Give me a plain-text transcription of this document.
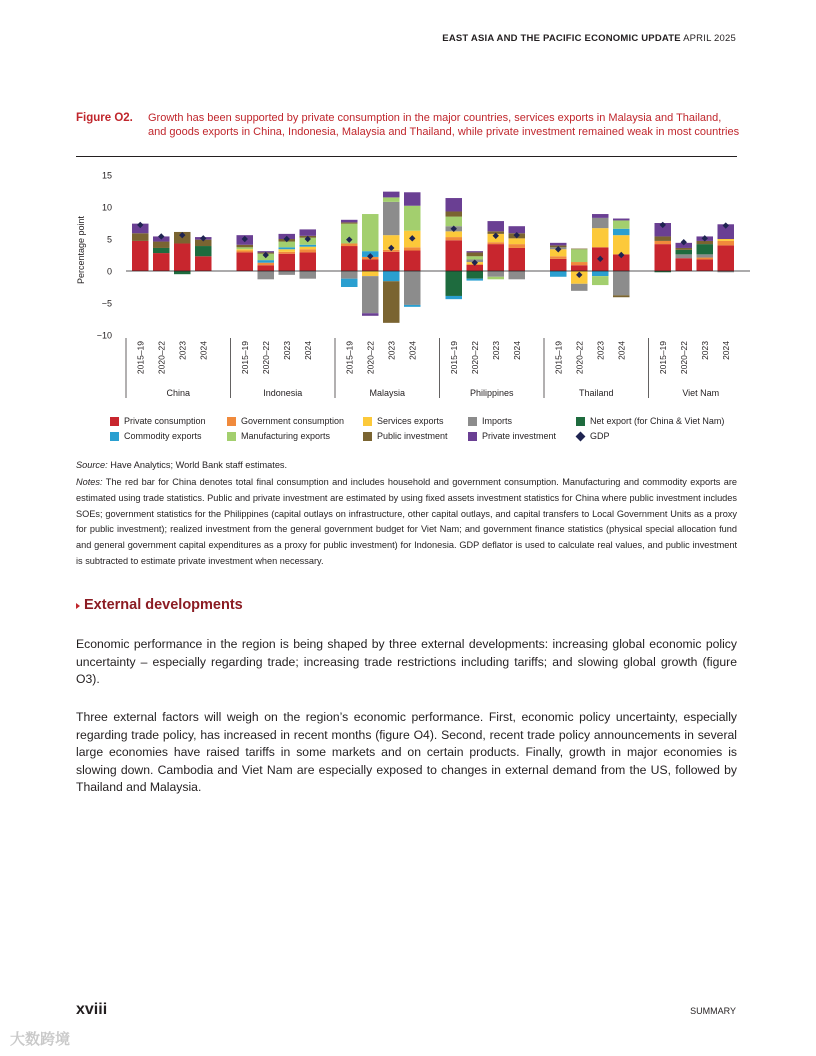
EAST ASIA AND THE PACIFIC ECONOMIC UPDATE APRIL 2025
Figure O2. Growth has been supported by private consumption in the major countries, services exports in Malaysia and Thailand, and goods exports in China, Indonesia, Malaysia and Thailand, while private investment remained weak in most countries
15
10
5
0
−5
−10
Percentage point
2015–19 2020–22 2023 2024
China
2015–19 2020–22 2023 2024
Indonesia
2015–19 2020–22 2023 2024
Malaysia
2015–19 2020–22 2023 2024
Philippines
2015–19 2020–22 2023 2024
Thailand
2015–19 2020–22 2023 2024
Viet Nam
Private consumption	Government consumption	Services exports	Imports	Net export (for China & Viet Nam)
Commodity exports	Manufacturing exports	Public investment	Private investment	GDP
Source: Have Analytics; World Bank staff estimates.
Notes: The red bar for China denotes total final consumption and includes household and government consumption. Manufacturing and commodity exports are estimated using trade statistics. Public and private investment are estimated by using fixed assets investment statistics for China where public investment includes SOEs; government statistics for the Philippines (capital outlays on infrastructure, other capital outlays, and capital transfers to Local Government Units as a proxy for public investment); realized investment from the general government budget for Viet Nam; and government finance statistics (physical special allocation fund and general government capital expenditures as a proxy for public investment) for Indonesia. GDP deflator is used to calculate real values, and public investment is subtracted to estimate private investment when necessary.
External developments
Economic performance in the region is being shaped by three external developments: increasing global economic policy uncertainty – especially regarding trade; increasing trade restrictions including tariffs; and slowing global growth (figure O3).
Three external factors will weigh on the region’s economic performance. First, economic policy uncertainty, especially regarding trade policy, has increased in recent months (figure O4). Second, recent trade policy announcements in several large economies have raised tariffs in some markets and on certain products. Finally, growth in major economies is slowing down. Cambodia and Viet Nam are especially exposed to changes in external demand from the US, followed by Thailand and Malaysia.
xviii	SUMMARY
大数跨境
